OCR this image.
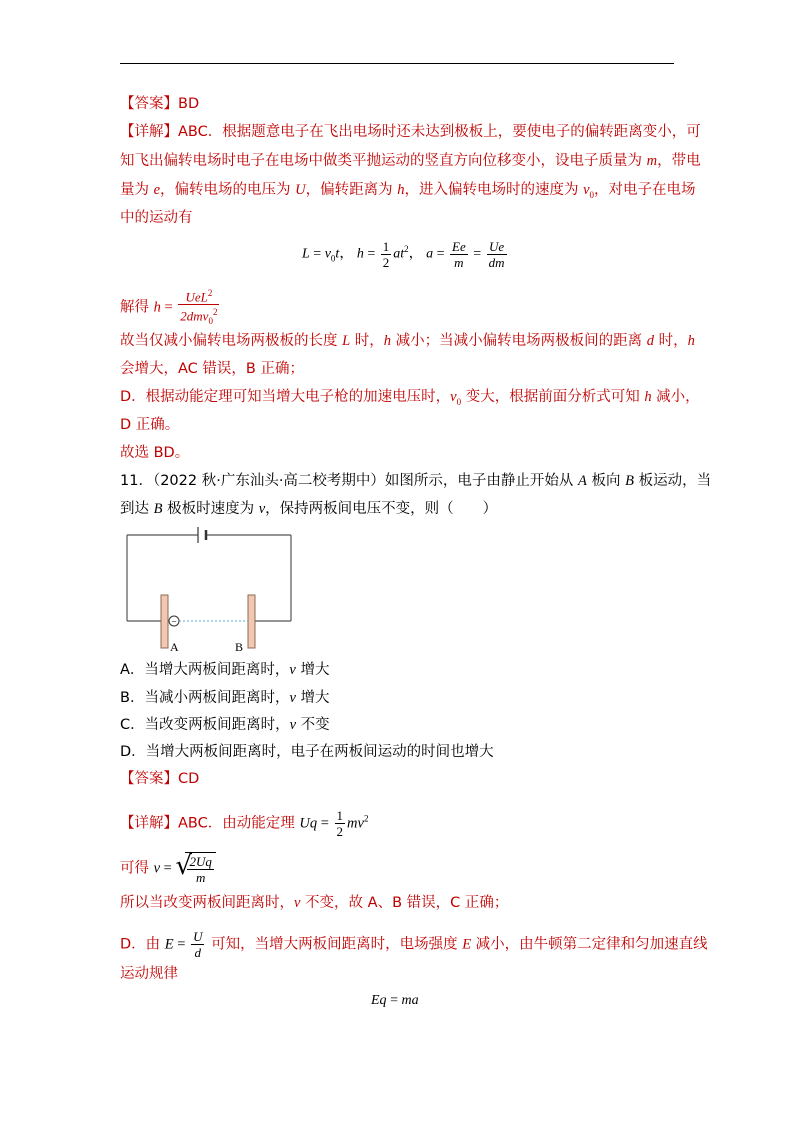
【答案】BD
【详解】ABC．根据题意电子在飞出电场时还未达到极板上，要使电子的偏转距离变小，可
知飞出偏转电场时电子在电场中做类平抛运动的竖直方向位移变小，设电子质量为 m，带电
量为 e，偏转电场的电压为 U，偏转距离为 h，进入偏转电场时的速度为 $v_0$，对电子在电场
中的运动有
$L = v_0t$， $h = \frac{1}{2} at^2$， $a = \frac{Ee}{m} = \frac{Ue}{dm}$
解得 $h = \frac{UeL^2}{2dmv_0^2}$
故当仅减小偏转电场两极板的长度 L 时，h 减小；当减小偏转电场两极板间的距离 d 时，h
会增大，AC 错误，B 正确；
D．根据动能定理可知当增大电子枪的加速电压时，$v_0$ 变大，根据前面分析式可知 h 减小，
D 正确。
故选 BD。
11．（2022 秋·广东汕头·高二校考期中）如图所示，电子由静止开始从 A 板向 B 板运动，当
到达 B 极板时速度为 v，保持两板间电压不变，则（　　）
−
A	B
A．当增大两板间距离时，v 增大
B．当减小两板间距离时，v 增大
C．当改变两板间距离时，v 不变
D．当增大两板间距离时，电子在两板间运动的时间也增大
【答案】CD
【详解】ABC．由动能定理 $Uq = \frac{1}{2} mv^2$
可得 v = √
$\frac{2Uq}{m}$
所以当改变两板间距离时，v 不变，故 A、B 错误，C 正确；
D．由 $E = \frac{U}{d}$ 可知，当增大两板间距离时，电场强度 E 减小，由牛顿第二定律和匀加速直线
运动规律
Eq = ma
